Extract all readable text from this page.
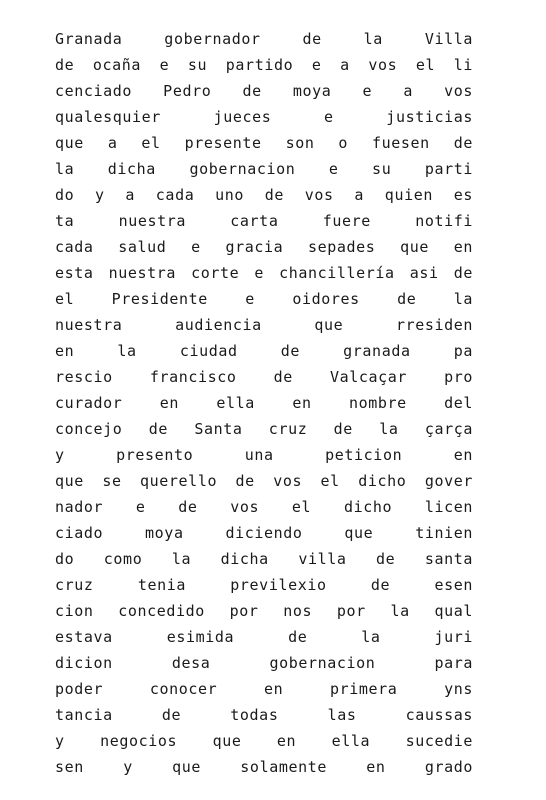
Granada gobernador de la Villa
de ocaña e su partido e a vos el li
cenciado Pedro de moya e a vos
qualesquier jueces e justicias
que a el presente son o fuesen de
la dicha gobernacion e su parti
do y a cada uno de vos a quien es
ta nuestra carta fuere notifi
cada salud e gracia sepades que en
esta nuestra corte e chancillería asi de
el Presidente e oidores de la
nuestra audiencia que rresiden
en la ciudad de granada pa
rescio francisco de Valcaçar pro
curador en ella en nombre del
concejo de Santa cruz de la çarça
y presento una peticion en
que se querello de vos el dicho gover
nador e de vos el dicho licen
ciado moya diciendo que tinien
do como la dicha villa de santa
cruz tenia previlexio de esen
cion concedido por nos por la qual
estava esimida de la juri
dicion desa gobernacion para
poder conocer en primera yns
tancia de todas las caussas
y negocios que en ella sucedie
sen y que solamente en grado
